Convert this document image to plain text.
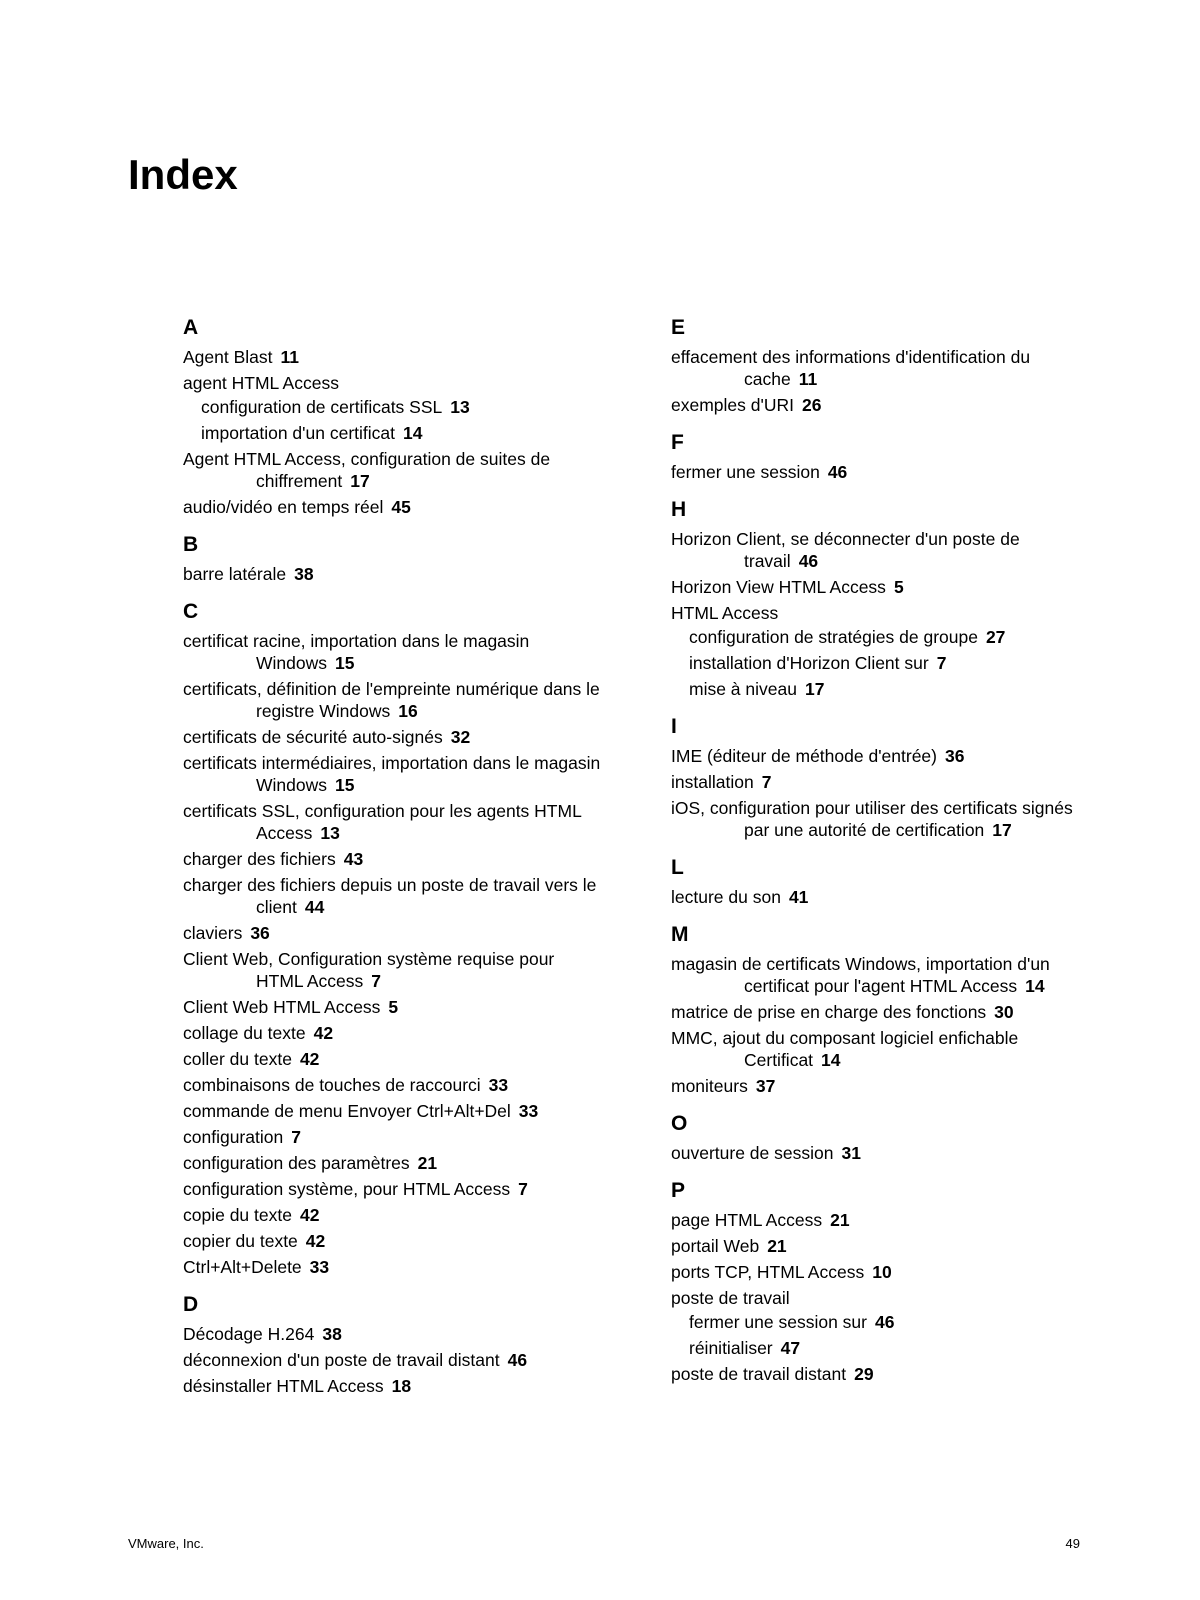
Index
A
Agent Blast 11
agent HTML Access
configuration de certificats SSL 13
importation d'un certificat 14
Agent HTML Access, configuration de suites de chiffrement 17
audio/vidéo en temps réel 45
B
barre latérale 38
C
certificat racine, importation dans le magasin Windows 15
certificats, définition de l'empreinte numérique dans le registre Windows 16
certificats de sécurité auto-signés 32
certificats intermédiaires, importation dans le magasin Windows 15
certificats SSL, configuration pour les agents HTML Access 13
charger des fichiers 43
charger des fichiers depuis un poste de travail vers le client 44
claviers 36
Client Web, Configuration système requise pour HTML Access 7
Client Web HTML Access 5
collage du texte 42
coller du texte 42
combinaisons de touches de raccourci 33
commande de menu Envoyer Ctrl+Alt+Del 33
configuration 7
configuration des paramètres 21
configuration système, pour HTML Access 7
copie du texte 42
copier du texte 42
Ctrl+Alt+Delete 33
D
Décodage H.264 38
déconnexion d'un poste de travail distant 46
désinstaller HTML Access 18
E
effacement des informations d'identification du cache 11
exemples d'URI 26
F
fermer une session 46
H
Horizon Client, se déconnecter d'un poste de travail 46
Horizon View HTML Access 5
HTML Access
configuration de stratégies de groupe 27
installation d'Horizon Client sur 7
mise à niveau 17
I
IME (éditeur de méthode d'entrée) 36
installation 7
iOS, configuration pour utiliser des certificats signés par une autorité de certification 17
L
lecture du son 41
M
magasin de certificats Windows, importation d'un certificat pour l'agent HTML Access 14
matrice de prise en charge des fonctions 30
MMC, ajout du composant logiciel enfichable Certificat 14
moniteurs 37
O
ouverture de session 31
P
page HTML Access 21
portail Web 21
ports TCP, HTML Access 10
poste de travail
fermer une session sur 46
réinitialiser 47
poste de travail distant 29
VMware, Inc.	49
